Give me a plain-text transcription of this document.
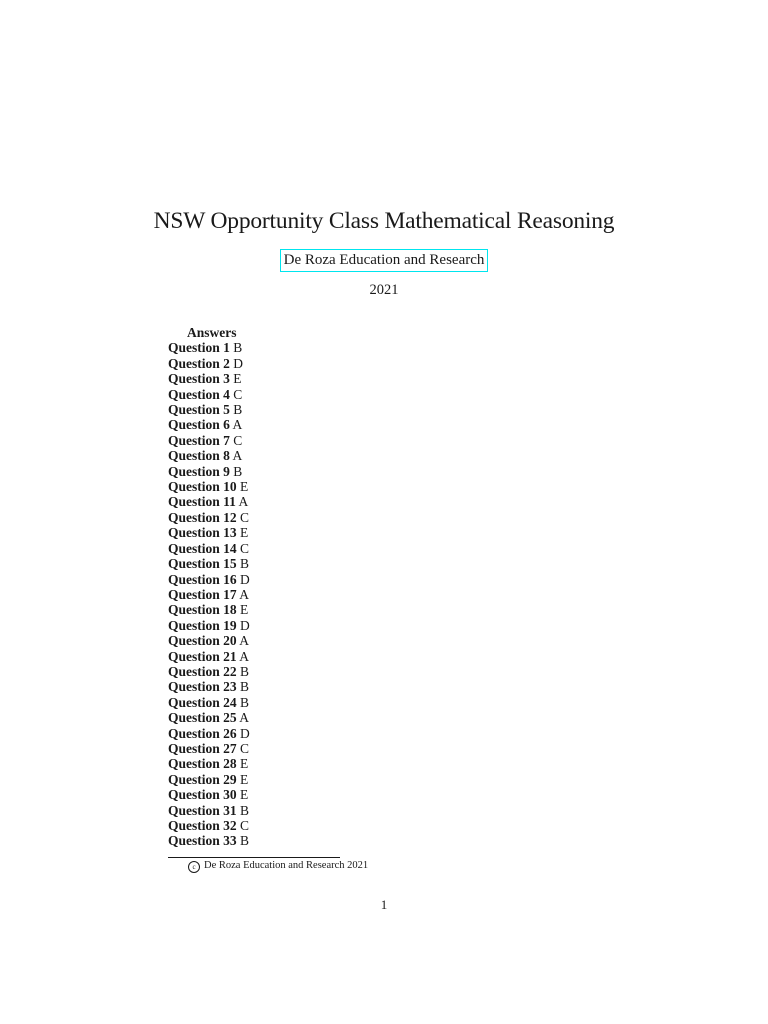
NSW Opportunity Class Mathematical Reasoning
De Roza Education and Research
2021
Answers
Question 1 B
Question 2 D
Question 3 E
Question 4 C
Question 5 B
Question 6 A
Question 7 C
Question 8 A
Question 9 B
Question 10 E
Question 11 A
Question 12 C
Question 13 E
Question 14 C
Question 15 B
Question 16 D
Question 17 A
Question 18 E
Question 19 D
Question 20 A
Question 21 A
Question 22 B
Question 23 B
Question 24 B
Question 25 A
Question 26 D
Question 27 C
Question 28 E
Question 29 E
Question 30 E
Question 31 B
Question 32 C
Question 33 B
c De Roza Education and Research 2021
1
